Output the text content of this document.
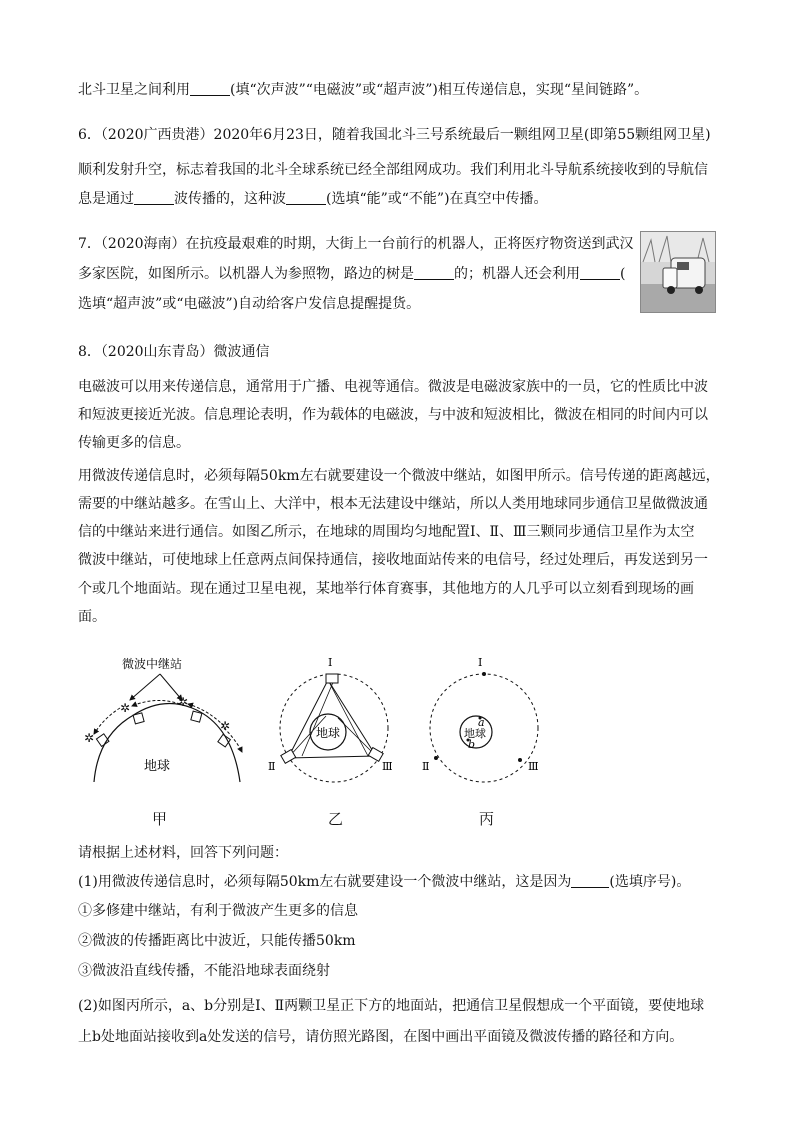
北斗卫星之间利用	(填“次声波”“电磁波”或“超声波”)相互传递信息，实现“星间链路”。

6．（2020广西贵港）2020年6月23日，随着我国北斗三号系统最后一颗组网卫星(即第55颗组网卫星)

顺利发射升空，标志着我国的北斗全球系统已经全部组网成功。我们利用北斗导航系统接收到的导航信

息是通过	波传播的，这种波	(选填“能”或“不能”)在真空中传播。

7．（2020海南）在抗疫最艰难的时期，大街上一台前行的机器人，正将医疗物资送到武汉

多家医院，如图所示。以机器人为参照物，路边的树是	的；机器人还会利用	(

选填“超声波”或“电磁波”)自动给客户发信息提醒提货。

8．（2020山东青岛）微波通信

电磁波可以用来传递信息，通常用于广播、电视等通信。微波是电磁波家族中的一员，它的性质比中波

和短波更接近光波。信息理论表明，作为载体的电磁波，与中波和短波相比，微波在相同的时间内可以

传输更多的信息。

用微波传递信息时，必须每隔50km左右就要建设一个微波中继站，如图甲所示。信号传递的距离越远，

需要的中继站越多。在雪山上、大洋中，根本无法建设中继站，所以人类用地球同步通信卫星做微波通

信的中继站来进行通信。如图乙所示，在地球的周围均匀地配置Ⅰ、Ⅱ、Ⅲ三颗同步通信卫星作为太空

微波中继站，可使地球上任意两点间保持通信，接收地面站传来的电信号，经过处理后，再发送到另一

个或几个地面站。现在通过卫星电视，某地举行体育赛事，其他地方的人几乎可以立刻看到现场的画

面。

微波中继站
✲
✲	✲
✲
地球
甲
Ⅰ
Ⅱ	Ⅲ
地球
乙
Ⅰ
Ⅱ	Ⅲ
a
b
地球
丙

请根据上述材料，回答下列问题：

(1)用微波传递信息时，必须每隔50km左右就要建设一个微波中继站，这是因为	(选填序号)。

①多修建中继站，有利于微波产生更多的信息

②微波的传播距离比中波近，只能传播50km

③微波沿直线传播，不能沿地球表面绕射

(2)如图丙所示，a、b分别是Ⅰ、Ⅱ两颗卫星正下方的地面站，把通信卫星假想成一个平面镜，要使地球

上b处地面站接收到a处发送的信号，请仿照光路图，在图中画出平面镜及微波传播的路径和方向。
